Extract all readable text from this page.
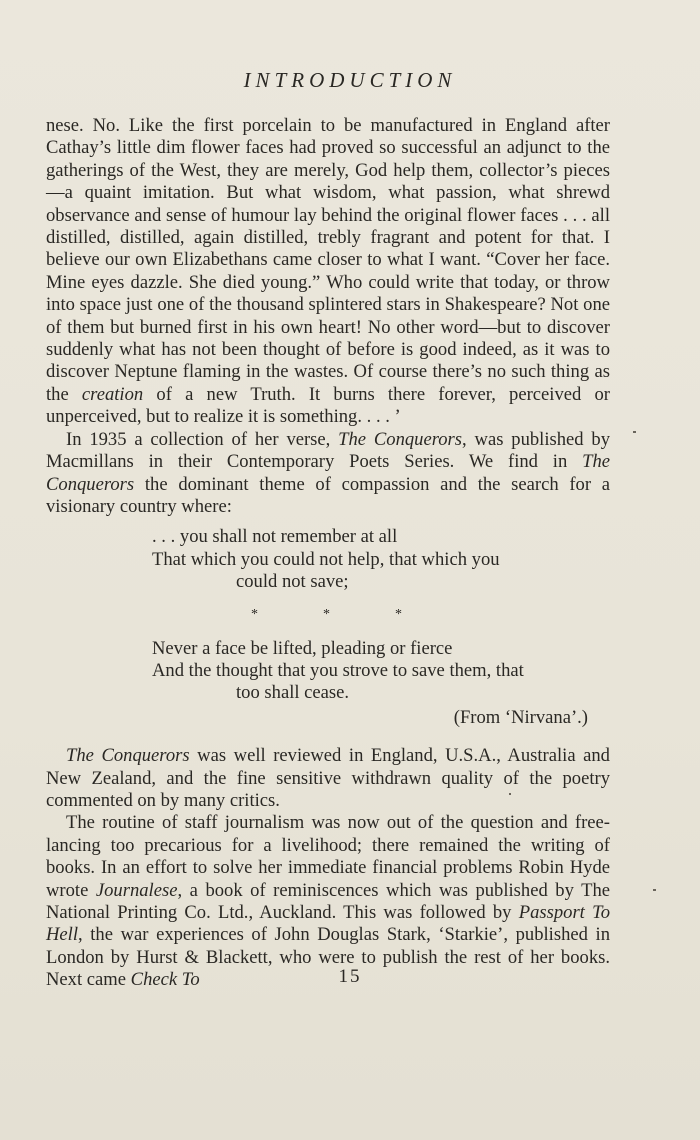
INTRODUCTION

nese. No. Like the first porcelain to be manufactured in England after Cathay’s little dim flower faces had proved so successful an adjunct to the gatherings of the West, they are merely, God help them, collector’s pieces—a quaint imitation. But what wisdom, what passion, what shrewd observance and sense of humour lay behind the original flower faces . . . all distilled, distilled, again distilled, trebly fragrant and potent for that. I believe our own Elizabethans came closer to what I want. “Cover her face. Mine eyes dazzle. She died young.” Who could write that today, or throw into space just one of the thousand splintered stars in Shakespeare? Not one of them but burned first in his own heart! No other word—but to discover suddenly what has not been thought of before is good indeed, as it was to discover Neptune flaming in the wastes. Of course there’s no such thing as the creation of a new Truth. It burns there forever, perceived or unperceived, but to realize it is something. . . . ’

In 1935 a collection of her verse, The Conquerors, was published by Macmillans in their Contemporary Poets Series. We find in The Conquerors the dominant theme of compassion and the search for a visionary country where:

. . . you shall not remember at all
That which you could not help, that which you
could not save;
*	*	*
Never a face be lifted, pleading or fierce
And the thought that you strove to save them, that
too shall cease.
(From ‘Nirvana’.)

The Conquerors was well reviewed in England, U.S.A., Australia and New Zealand, and the fine sensitive withdrawn quality of the poetry commented on by many critics.

The routine of staff journalism was now out of the question and free-lancing too precarious for a livelihood; there remained the writing of books. In an effort to solve her immediate financial problems Robin Hyde wrote Journalese, a book of reminiscences which was published by The National Printing Co. Ltd., Auckland. This was followed by Passport To Hell, the war experiences of John Douglas Stark, ‘Starkie’, published in London by Hurst & Blackett, who were to publish the rest of her books. Next came Check To	15
